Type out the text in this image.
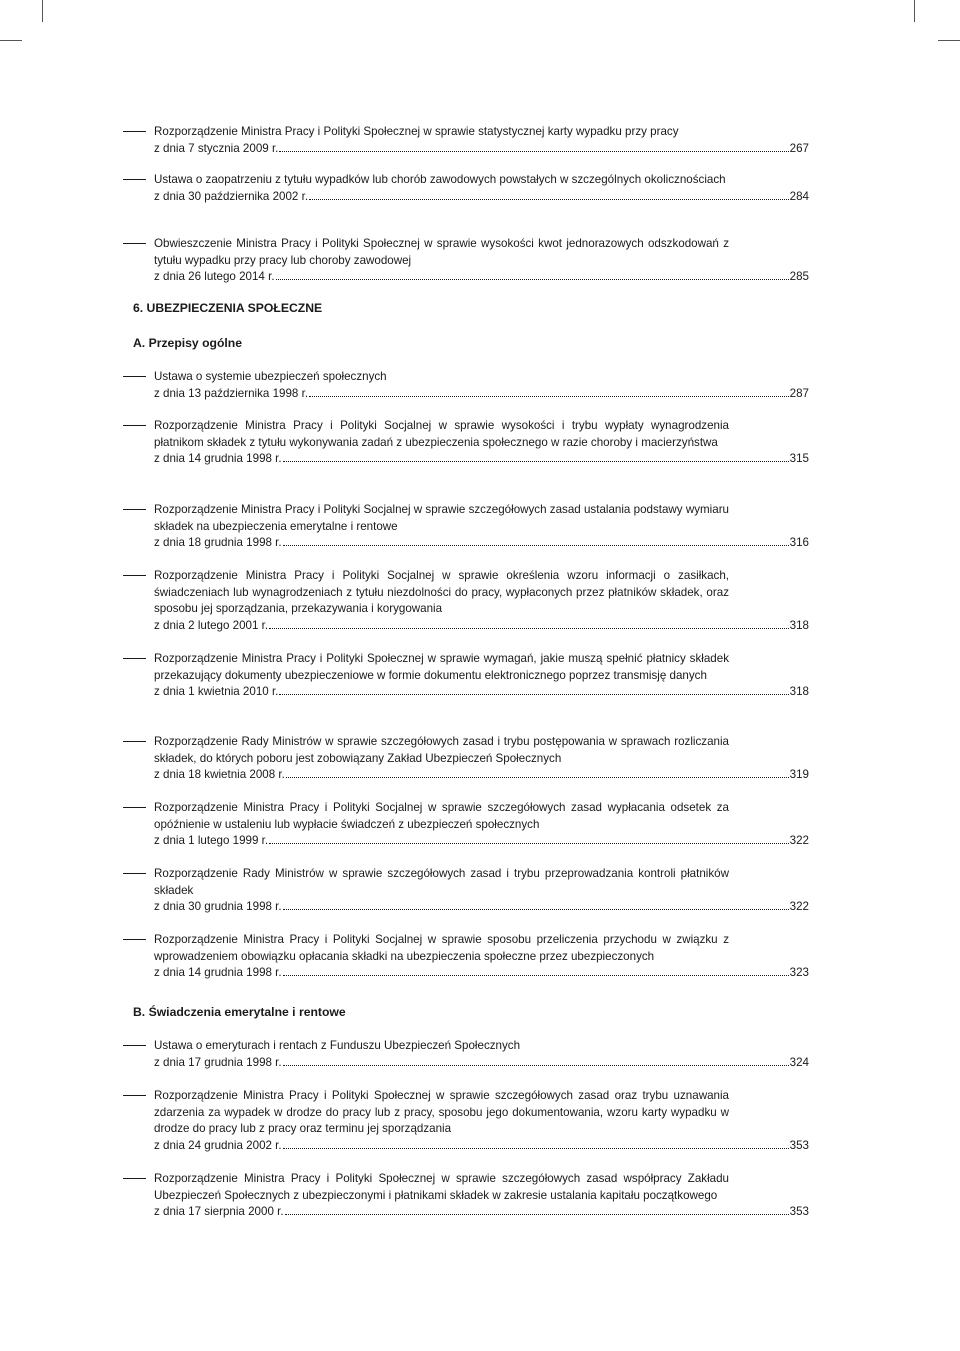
Rozporządzenie Ministra Pracy i Polityki Społecznej w sprawie statystycznej karty wypadku przy pracy
z dnia 7 stycznia 2009 r.	267
Ustawa o zaopatrzeniu z tytułu wypadków lub chorób zawodowych powstałych w szczególnych okolicznościach
z dnia 30 października 2002 r.	284
Obwieszczenie Ministra Pracy i Polityki Społecznej w sprawie wysokości kwot jednorazowych odszkodowań z tytułu wypadku przy pracy lub choroby zawodowej
z dnia 26 lutego 2014 r.	285
6. UBEZPIECZENIA SPOŁECZNE
A. Przepisy ogólne
Ustawa o systemie ubezpieczeń społecznych
z dnia 13 października 1998 r.	287
Rozporządzenie Ministra Pracy i Polityki Socjalnej w sprawie wysokości i trybu wypłaty wynagrodzenia płatnikom składek z tytułu wykonywania zadań z ubezpieczenia społecznego w razie choroby i macierzyństwa
z dnia 14 grudnia 1998 r.	315
Rozporządzenie Ministra Pracy i Polityki Socjalnej w sprawie szczegółowych zasad ustalania podstawy wymiaru składek na ubezpieczenia emerytalne i rentowe
z dnia 18 grudnia 1998 r.	316
Rozporządzenie Ministra Pracy i Polityki Socjalnej w sprawie określenia wzoru informacji o zasiłkach, świadczeniach lub wynagrodzeniach z tytułu niezdolności do pracy, wypłaconych przez płatników składek, oraz sposobu jej sporządzania, przekazywania i korygowania
z dnia 2 lutego 2001 r.	318
Rozporządzenie Ministra Pracy i Polityki Społecznej w sprawie wymagań, jakie muszą spełnić płatnicy składek przekazujący dokumenty ubezpieczeniowe w formie dokumentu elektronicznego poprzez transmisję danych
z dnia 1 kwietnia 2010 r.	318
Rozporządzenie Rady Ministrów w sprawie szczegółowych zasad i trybu postępowania w sprawach rozliczania składek, do których poboru jest zobowiązany Zakład Ubezpieczeń Społecznych
z dnia 18 kwietnia 2008 r.	319
Rozporządzenie Ministra Pracy i Polityki Socjalnej w sprawie szczegółowych zasad wypłacania odsetek za opóźnienie w ustaleniu lub wypłacie świadczeń z ubezpieczeń społecznych
z dnia 1 lutego 1999 r.	322
Rozporządzenie Rady Ministrów w sprawie szczegółowych zasad i trybu przeprowadzania kontroli płatników składek
z dnia 30 grudnia 1998 r.	322
Rozporządzenie Ministra Pracy i Polityki Socjalnej w sprawie sposobu przeliczenia przychodu w związku z wprowadzeniem obowiązku opłacania składki na ubezpieczenia społeczne przez ubezpieczonych
z dnia 14 grudnia 1998 r.	323
B. Świadczenia emerytalne i rentowe
Ustawa o emeryturach i rentach z Funduszu Ubezpieczeń Społecznych
z dnia 17 grudnia 1998 r.	324
Rozporządzenie Ministra Pracy i Polityki Społecznej w sprawie szczegółowych zasad oraz trybu uznawania zdarzenia za wypadek w drodze do pracy lub z pracy, sposobu jego dokumentowania, wzoru karty wypadku w drodze do pracy lub z pracy oraz terminu jej sporządzania
z dnia 24 grudnia 2002 r.	353
Rozporządzenie Ministra Pracy i Polityki Społecznej w sprawie szczegółowych zasad współpracy Zakładu Ubezpieczeń Społecznych z ubezpieczonymi i płatnikami składek w zakresie ustalania kapitału początkowego
z dnia 17 sierpnia 2000 r.	353
